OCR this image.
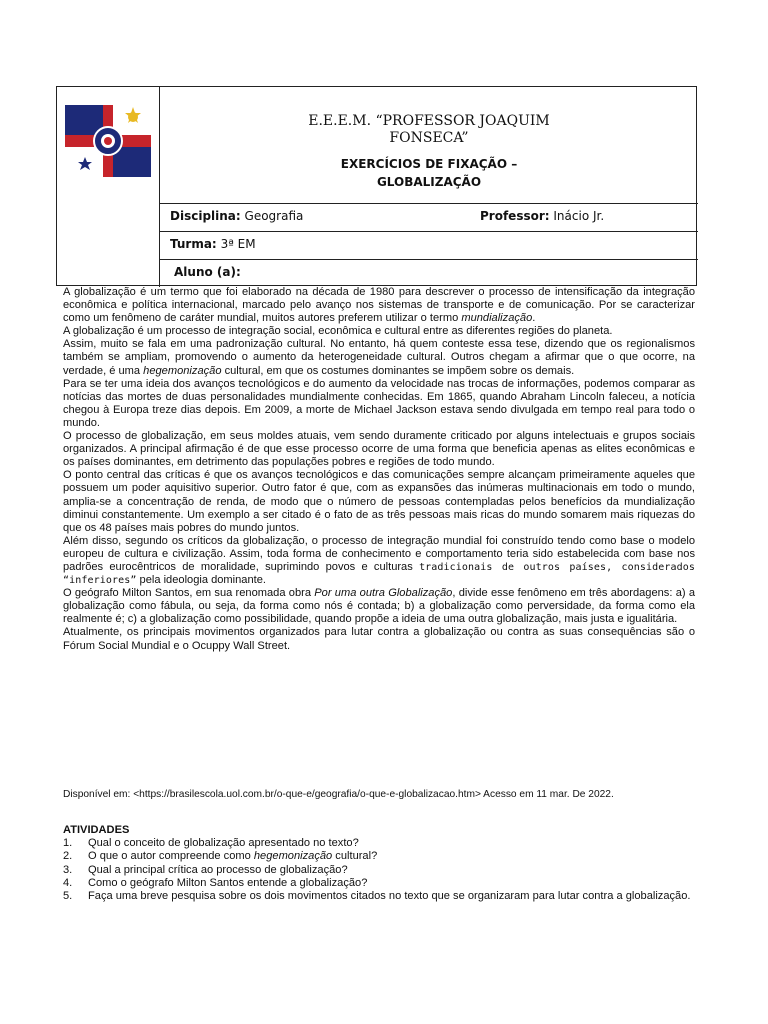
E.E.E.M. “PROFESSOR JOAQUIM
FONSECA”
EXERCÍCIOS DE FIXAÇÃO –
GLOBALIZAÇÃO
Disciplina: Geografia	Professor: Inácio Jr.
Turma: 3ª EM
Aluno (a):

A globalização é um termo que foi elaborado na década de 1980 para descrever o processo de intensificação da integração econômica e política internacional, marcado pelo avanço nos sistemas de transporte e de comunicação. Por se caracterizar como um fenômeno de caráter mundial, muitos autores preferem utilizar o termo mundialização.

A globalização é um processo de integração social, econômica e cultural entre as diferentes regiões do planeta.

Assim, muito se fala em uma padronização cultural. No entanto, há quem conteste essa tese, dizendo que os regionalismos também se ampliam, promovendo o aumento da heterogeneidade cultural. Outros chegam a afirmar que o que ocorre, na verdade, é uma hegemonização cultural, em que os costumes dominantes se impõem sobre os demais.

Para se ter uma ideia dos avanços tecnológicos e do aumento da velocidade nas trocas de informações, podemos comparar as notícias das mortes de duas personalidades mundialmente conhecidas. Em 1865, quando Abraham Lincoln faleceu, a notícia chegou à Europa treze dias depois. Em 2009, a morte de Michael Jackson estava sendo divulgada em tempo real para todo o mundo.

O processo de globalização, em seus moldes atuais, vem sendo duramente criticado por alguns intelectuais e grupos sociais organizados. A principal afirmação é de que esse processo ocorre de uma forma que beneficia apenas as elites econômicas e os países dominantes, em detrimento das populações pobres e regiões de todo mundo.

O ponto central das críticas é que os avanços tecnológicos e das comunicações sempre alcançam primeiramente aqueles que possuem um poder aquisitivo superior. Outro fator é que, com as expansões das inúmeras multinacionais em todo o mundo, amplia-se a concentração de renda, de modo que o número de pessoas contempladas pelos benefícios da mundialização diminui constantemente. Um exemplo a ser citado é o fato de as três pessoas mais ricas do mundo somarem mais riquezas do que os 48 países mais pobres do mundo juntos.

Além disso, segundo os críticos da globalização, o processo de integração mundial foi construído tendo como base o modelo europeu de cultura e civilização. Assim, toda forma de conhecimento e comportamento teria sido estabelecida com base nos padrões eurocêntricos de moralidade, suprimindo povos e culturas tradicionais de outros países, considerados “inferiores” pela ideologia dominante.

O geógrafo Milton Santos, em sua renomada obra Por uma outra Globalização, divide esse fenômeno em três abordagens: a) a globalização como fábula, ou seja, da forma como nós é contada; b) a globalização como perversidade, da forma como ela realmente é; c) a globalização como possibilidade, quando propõe a ideia de uma outra globalização, mais justa e igualitária.

Atualmente, os principais movimentos organizados para lutar contra a globalização ou contra as suas consequências são o Fórum Social Mundial e o Ocuppy Wall Street.

Disponível em: <https://brasilescola.uol.com.br/o-que-e/geografia/o-que-e-globalizacao.htm> Acesso em 11 mar. De 2022.
ATIVIDADES
1. Qual o conceito de globalização apresentado no texto?
2. O que o autor compreende como hegemonização cultural?
3. Qual a principal crítica ao processo de globalização?
4. Como o geógrafo Milton Santos entende a globalização?
5. Faça uma breve pesquisa sobre os dois movimentos citados no texto que se organizaram para lutar contra a globalização.
